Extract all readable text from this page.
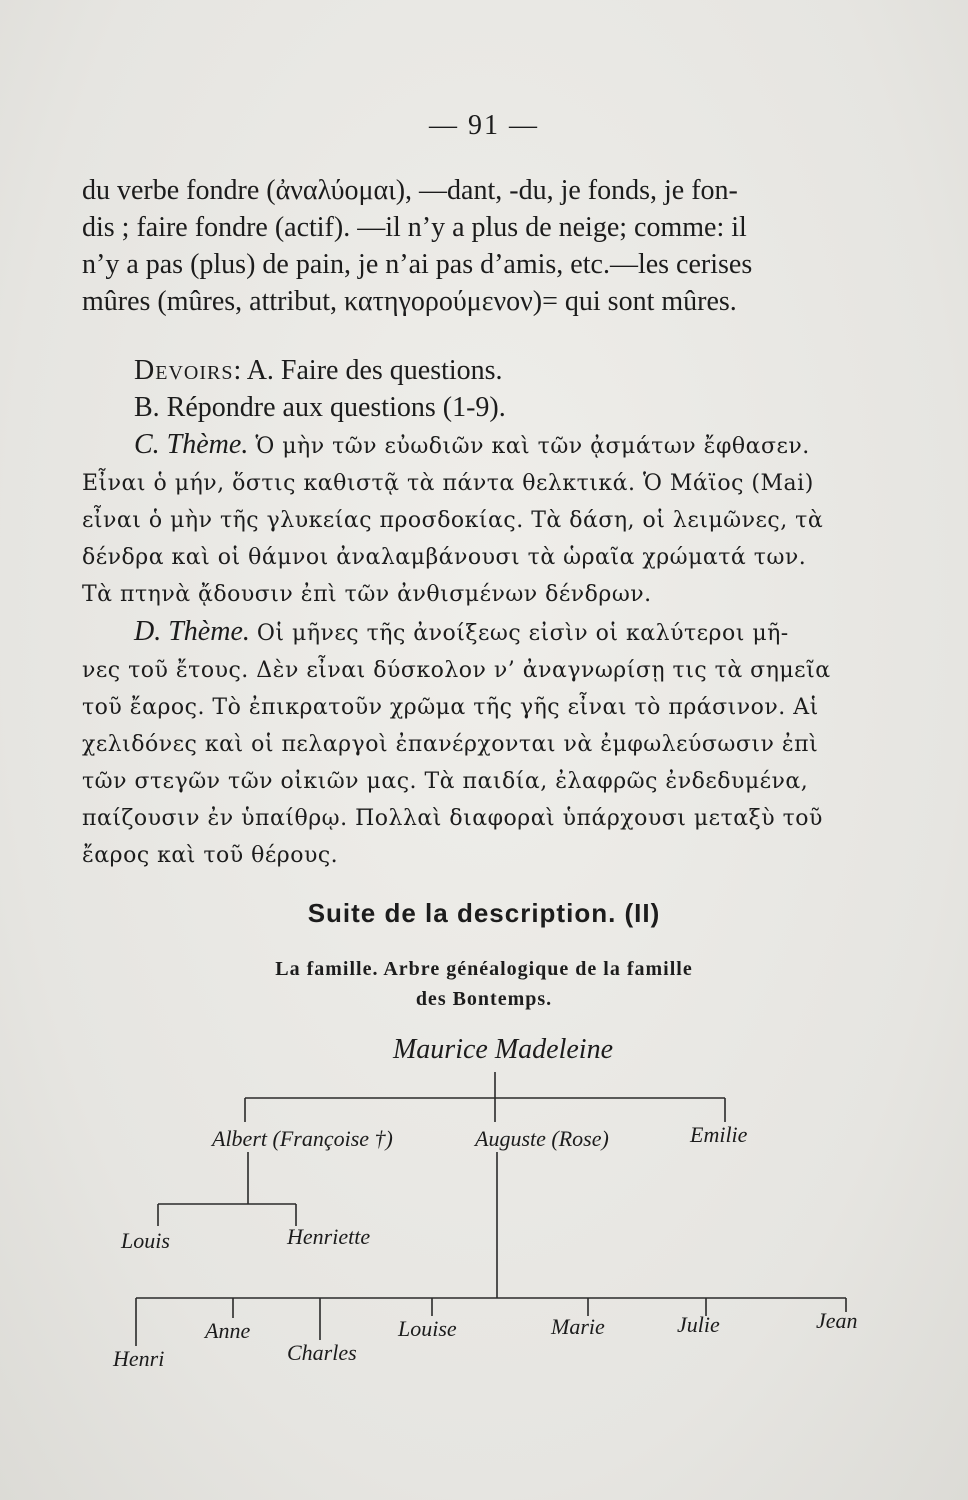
— 91 —
du verbe fondre (ἀναλύομαι), —dant, -du, je fonds, je fon-
dis ; faire fondre (actif). —il n’y a plus de neige; comme: il
n’y a pas (plus) de pain, je n’ai pas d’amis, etc.—les cerises
mûres (mûres, attribut, κατηγορούμενον)= qui sont mûres.
Devoirs: A. Faire des questions.
B. Répondre aux questions (1-9).
C. Thème. Ὁ μὴν τῶν εὐωδιῶν καὶ τῶν ᾀσμάτων ἔφθασεν.
Εἶναι ὁ μήν, ὅστις καθιστᾷ τὰ πάντα θελκτικά. Ὁ Μάϊος (Mai)
εἶναι ὁ μὴν τῆς γλυκείας προσδοκίας. Τὰ δάση, οἱ λειμῶνες, τὰ
δένδρα καὶ οἱ θάμνοι ἀναλαμβάνουσι τὰ ὡραῖα χρώματά των.
Τὰ πτηνὰ ᾄδουσιν ἐπὶ τῶν ἀνθισμένων δένδρων.
D. Thème. Οἱ μῆνες τῆς ἀνοίξεως εἰσὶν οἱ καλύτεροι μῆ-
νες τοῦ ἔτους. Δὲν εἶναι δύσκολον ν’ ἀναγνωρίσῃ τις τὰ σημεῖα
τοῦ ἔαρος. Τὸ ἐπικρατοῦν χρῶμα τῆς γῆς εἶναι τὸ πράσινον. Αἱ
χελιδόνες καὶ οἱ πελαργοὶ ἐπανέρχονται νὰ ἐμφωλεύσωσιν ἐπὶ
τῶν στεγῶν τῶν οἰκιῶν μας. Τὰ παιδία, ἐλαφρῶς ἐνδεδυμένα,
παίζουσιν ἐν ὑπαίθρῳ. Πολλαὶ διαφοραὶ ὑπάρχουσι μεταξὺ τοῦ
ἔαρος καὶ τοῦ θέρους.
Suite de la description. (II)
La famille. Arbre généalogique de la famille
des Bontemps.
Maurice Madeleine
Albert (Françoise †)	Auguste (Rose)	Emilie
Louis	Henriette
Henri
Anne
Charles
Louise	Marie	Julie	Jean
